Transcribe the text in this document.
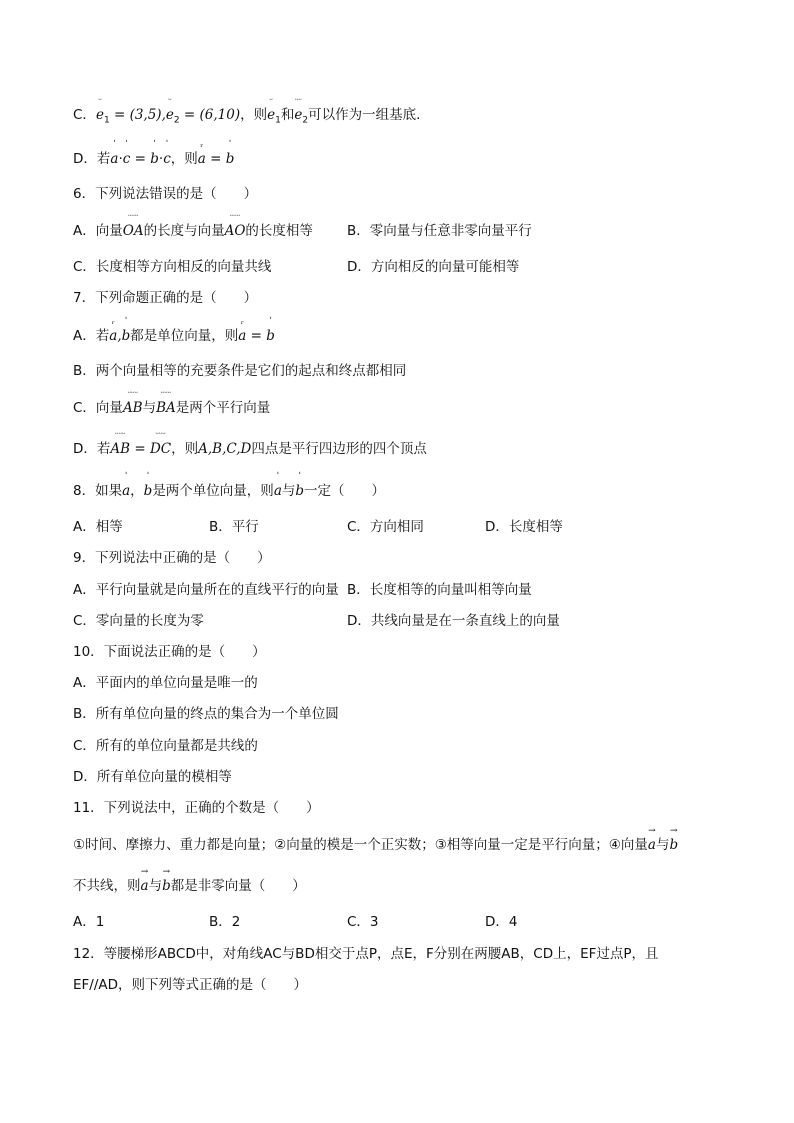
C．
ᵕ
$e_1 = (3,5)$,
ᵕ
$e_2 = (6,10)$，则
ᵕ
$e_1$和
ᵕᵕ
$e_2$可以作为一组基底.
D．若
ˈ
a·
ˈ
c =
ˈ
b·
ˈ
c，则
ᵣ
a =
ˈ
b
6．下列说法错误的是（　　）
A．向量
ᵕᵕᵕ
OA的长度与向量
ᵕᵕᵕ
AO的长度相等	B．零向量与任意非零向量平行
C．长度相等方向相反的向量共线	D．方向相反的向量可能相等
7．下列命题正确的是（　　）
A．若
ᵣ
a,
ˈ
b都是单位向量，则
ᵣ
a =
ˈ
b
B．两个向量相等的充要条件是它们的起点和终点都相同
C．向量
ᵕᵕᵕ
AB与
ᵕᵕᵕ
BA是两个平行向量
D．若
ᵕᵕᵕ
AB =
ᵕᵕᵕ
DC，则A,B,C,D四点是平行四边形的四个顶点
8．如果
ˈ
a，
ˈ
b是两个单位向量，则
ˈ
a与
ˈ
b一定（　　）
A．相等	B．平行	C．方向相同	D．长度相等
9．下列说法中正确的是（　　）
A．平行向量就是向量所在的直线平行的向量 B．长度相等的向量叫相等向量
C．零向量的长度为零	D．共线向量是在一条直线上的向量
10．下面说法正确的是（　　）
A．平面内的单位向量是唯一的
B．所有单位向量的终点的集合为一个单位圆
C．所有的单位向量都是共线的
D．所有单位向量的模相等
11．下列说法中，正确的个数是（　　）
①时间、摩擦力、重力都是向量；②向量的模是一个正实数；③相等向量一定是平行向量；④向量
→
a与
→
b
不共线，则
→
a与
→
b都是非零向量（　　）
A．1	B．2	C．3	D．4
12．等腰梯形ABCD中，对角线AC与BD相交于点P，点E，F分别在两腰AB，CD上，EF过点P，且
EF//AD，则下列等式正确的是（　　）
